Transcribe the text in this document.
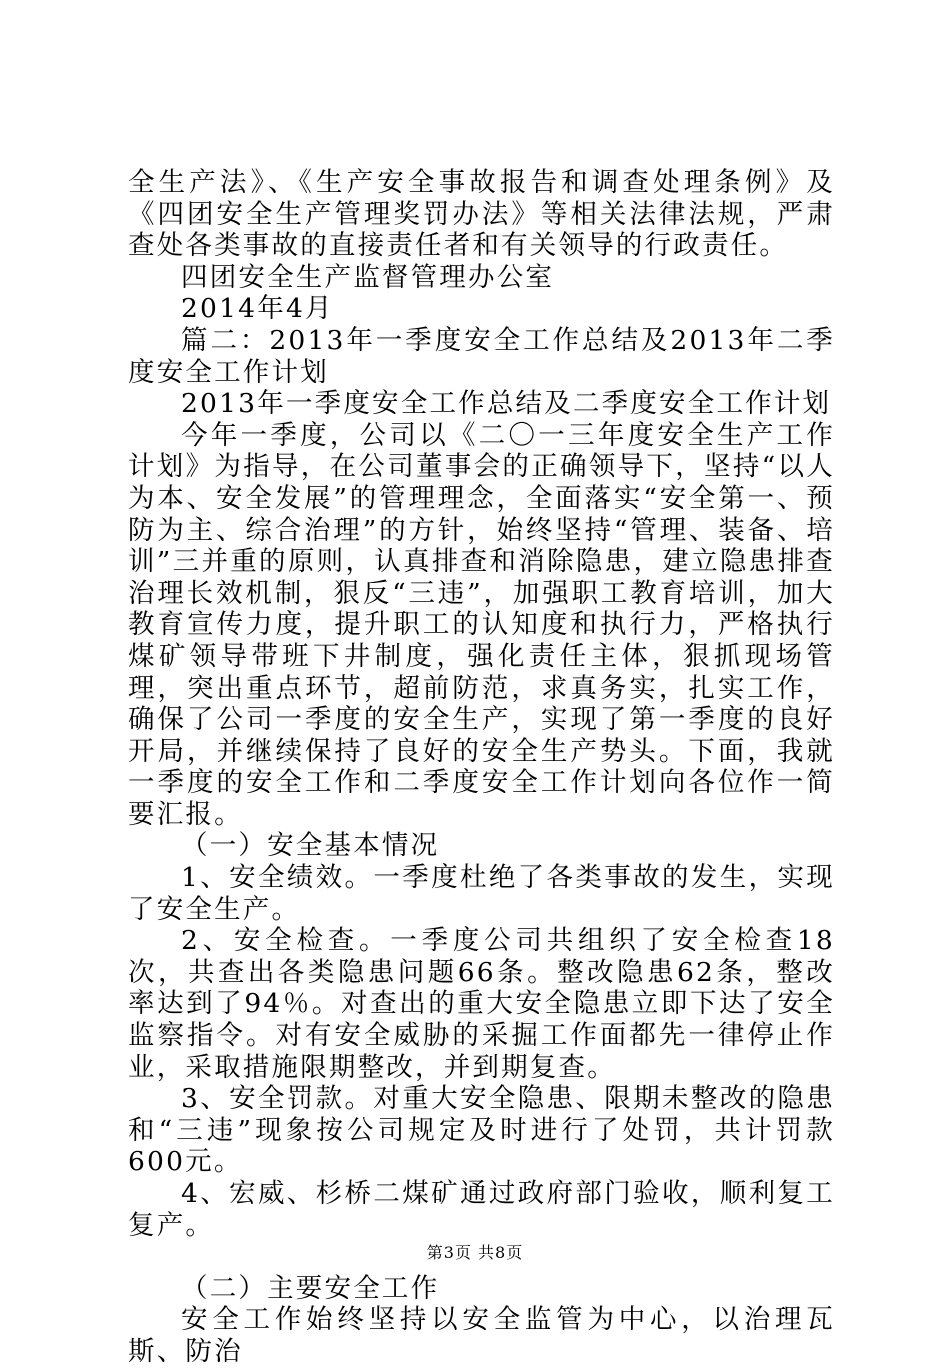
全生产法》、《生产安全事故报告和调查处理条例》及《四团安全生产管理奖罚办法》等相关法律法规，严肃查处各类事故的直接责任者和有关领导的行政责任。

四团安全生产监督管理办公室

2014年4月

篇二：2013年一季度安全工作总结及2013年二季度安全工作计划

2013年一季度安全工作总结及二季度安全工作计划

今年一季度，公司以《二〇一三年度安全生产工作计划》为指导，在公司董事会的正确领导下，坚持“以人为本、安全发展”的管理理念，全面落实“安全第一、预防为主、综合治理”的方针，始终坚持“管理、装备、培训”三并重的原则，认真排查和消除隐患，建立隐患排查治理长效机制，狠反“三违”，加强职工教育培训，加大教育宣传力度，提升职工的认知度和执行力，严格执行煤矿领导带班下井制度，强化责任主体，狠抓现场管理，突出重点环节，超前防范，求真务实，扎实工作，确保了公司一季度的安全生产，实现了第一季度的良好开局，并继续保持了良好的安全生产势头。下面，我就一季度的安全工作和二季度安全工作计划向各位作一简要汇报。

（一）安全基本情况

1、安全绩效。一季度杜绝了各类事故的发生，实现了安全生产。

2、安全检查。一季度公司共组织了安全检查18次，共查出各类隐患问题66条。整改隐患62条，整改率达到了94％。对查出的重大安全隐患立即下达了安全监察指令。对有安全威胁的采掘工作面都先一律停止作业，采取措施限期整改，并到期复查。

3、安全罚款。对重大安全隐患、限期未整改的隐患和“三违”现象按公司规定及时进行了处罚，共计罚款600元。

4、宏威、杉桥二煤矿通过政府部门验收，顺利复工复产。

（二）主要安全工作

安全工作始终坚持以安全监管为中心，以治理瓦斯、防治

第3页 共8页
